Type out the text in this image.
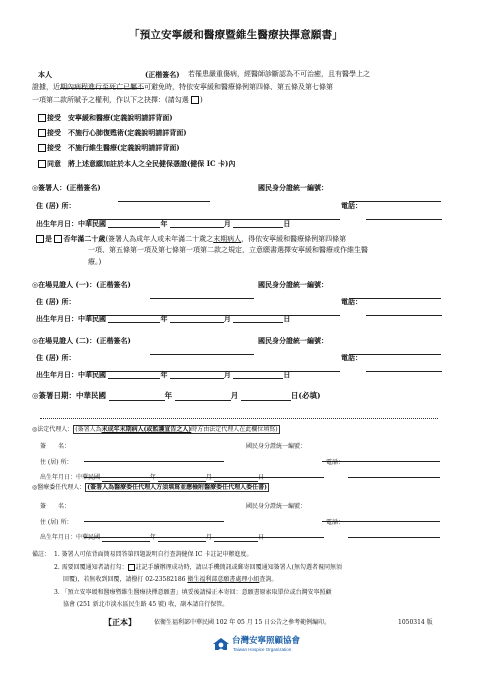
「預立安寧緩和醫療暨維生醫療抉擇意願書」
本人	(正楷簽名) 若罹患嚴重傷病，經醫師診斷認為不可治癒，且有醫學上之
證據，近期內病程進行至死亡已屬不可避免時，特依安寧緩和醫療條例第四條、第五條及第七條第
一項第二款所賦予之權利，作以下之抉擇：(請勾選 )
接受　 安寧緩和醫療(定義說明請詳背面)
接受　 不施行心肺復甦術(定義說明請詳背面)
接受　 不施行維生醫療(定義說明請詳背面)
同意　 將上述意願加註於本人之全民健保憑證(健保 IC 卡)內
◎簽署人：(正楷簽名)	國民身分證統一編號：
住 (居) 所：	電話：
出生年月日：中華民國	年	月	日
是 否年滿二十歲(簽署人為成年人或未年滿二十歲之末期病人，得依安寧緩和醫療條例第四條第
一項、第五條第一項及第七條第一項第二款之規定，立意願書選擇安寧緩和醫療或作維生醫
療。)
◎在場見證人 (一)：(正楷簽名)	國民身分證統一編號：
住 (居) 所：	電話：
出生年月日：中華民國	年	月	日
◎在場見證人 (二)：(正楷簽名)	國民身分證統一編號：
住 (居) 所：	電話：
出生年月日：中華民國	年	月	日
◎簽署日期：中華民國	年	月	日(必填)
◎法定代理人： (簽署人為未成年末期病人(或監護宣告之人)時方由法定代理人在此欄位填寫)
簽　　名：	國民身分證統一編號：
住 (居) 所：	電話：
出生年月日：中華民國	年	月	日
◎醫療委任代理人： (簽署人為醫療委任代理人方須填寫並應檢附醫療委任代理人委任書)
簽　　名：	國民身分證統一編號：
住 (居) 所：	電話：
出生年月日：中華民國	年	月	日
備註： 1. 簽署人可依背面簡易問答第四題說明自行查詢健保 IC 卡註記申辦進度。
2. 需要回覆通知者請打勾： 註記手續辦理成功時，請以手機簡訊或郵寄回覆通知簽署人(無勾選者視同無須
回覆)，若無收到回覆，請撥打 02-23582186 衛生福利部意願書處理小組查詢。
3. 「預立安寧緩和醫療暨維生醫療抉擇意願書」填妥後請掃正本寄回：意願書原索取單位或台灣安寧照顧
協會 (251 新北市淡水區民生路 45 號) 收，副本請自行保管。
【正本】	依衛生福利部中華民國 102 年 05 月 15 日公告之參考範例編印。	1050314 版
台灣安寧照顧協會
Taiwan Hospice Organization
